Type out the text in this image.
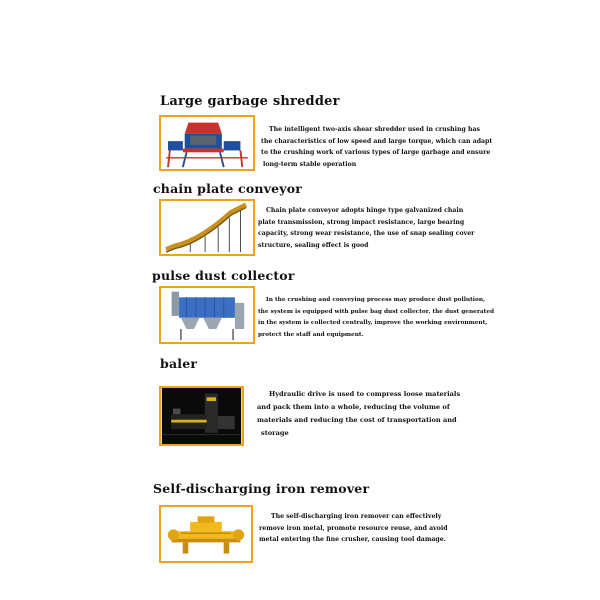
Large garbage shredder
The intelligent two-axis shear shredder used in crushing has
the characteristics of low speed and large torque, which can adapt
to the crushing work of various types of large garbage and ensure
long-term stable operation
chain plate conveyor
Chain plate conveyor adopts hinge type galvanized chain
plate transmission, strong impact resistance, large bearing
capacity, strong wear resistance, the use of snap sealing cover
structure, sealing effect is good
pulse dust collector
In the crushing and conveying process may produce dust pollution,
the system is equipped with pulse bag dust collector, the dust generated
in the system is collected centrally, improve the working environment,
protect the staff and equipment.
baler
Hydraulic drive is used to compress loose materials
and pack them into a whole, reducing the volume of
materials and reducing the cost of transportation and
storage
Self-discharging iron remover
The self-discharging iron remover can effectively
remove iron metal, promote resource reuse, and avoid
metal entering the fine crusher, causing tool damage.
